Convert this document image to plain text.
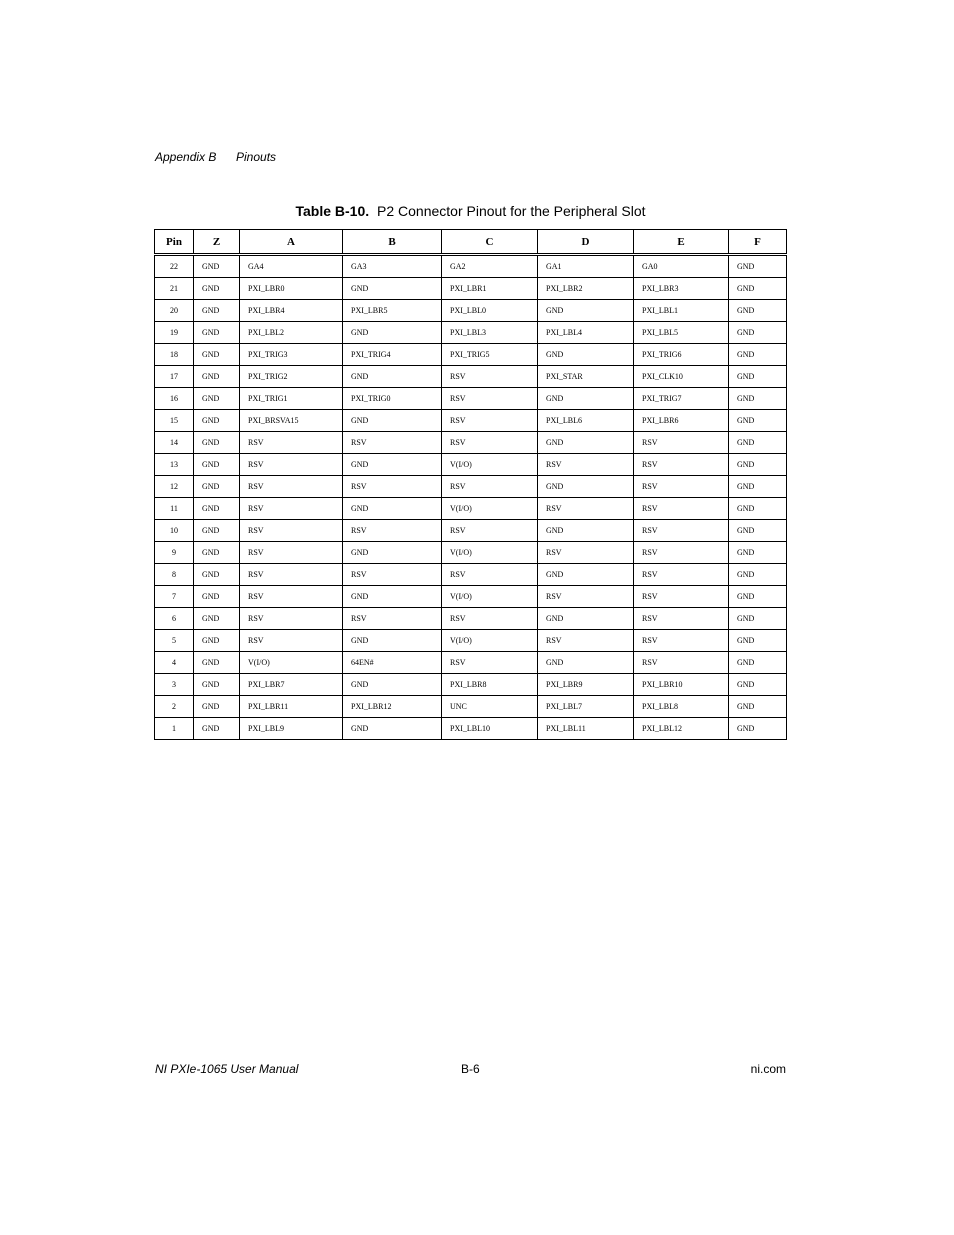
Appendix B Pinouts
Table B-10. P2 Connector Pinout for the Peripheral Slot
Pin	Z	A	B	C	D	E	F
22	GND	GA4	GA3	GA2	GA1	GA0	GND
21	GND	PXI_LBR0	GND	PXI_LBR1	PXI_LBR2	PXI_LBR3	GND
20	GND	PXI_LBR4	PXI_LBR5	PXI_LBL0	GND	PXI_LBL1	GND
19	GND	PXI_LBL2	GND	PXI_LBL3	PXI_LBL4	PXI_LBL5	GND
18	GND	PXI_TRIG3	PXI_TRIG4	PXI_TRIG5	GND	PXI_TRIG6	GND
17	GND	PXI_TRIG2	GND	RSV	PXI_STAR	PXI_CLK10	GND
16	GND	PXI_TRIG1	PXI_TRIG0	RSV	GND	PXI_TRIG7	GND
15	GND	PXI_BRSVA15	GND	RSV	PXI_LBL6	PXI_LBR6	GND
14	GND	RSV	RSV	RSV	GND	RSV	GND
13	GND	RSV	GND	V(I/O)	RSV	RSV	GND
12	GND	RSV	RSV	RSV	GND	RSV	GND
11	GND	RSV	GND	V(I/O)	RSV	RSV	GND
10	GND	RSV	RSV	RSV	GND	RSV	GND
9	GND	RSV	GND	V(I/O)	RSV	RSV	GND
8	GND	RSV	RSV	RSV	GND	RSV	GND
7	GND	RSV	GND	V(I/O)	RSV	RSV	GND
6	GND	RSV	RSV	RSV	GND	RSV	GND
5	GND	RSV	GND	V(I/O)	RSV	RSV	GND
4	GND	V(I/O)	64EN#	RSV	GND	RSV	GND
3	GND	PXI_LBR7	GND	PXI_LBR8	PXI_LBR9	PXI_LBR10	GND
2	GND	PXI_LBR11	PXI_LBR12	UNC	PXI_LBL7	PXI_LBL8	GND
1	GND	PXI_LBL9	GND	PXI_LBL10	PXI_LBL11	PXI_LBL12	GND
NI PXIe-1065 User Manual	B-6	ni.com
